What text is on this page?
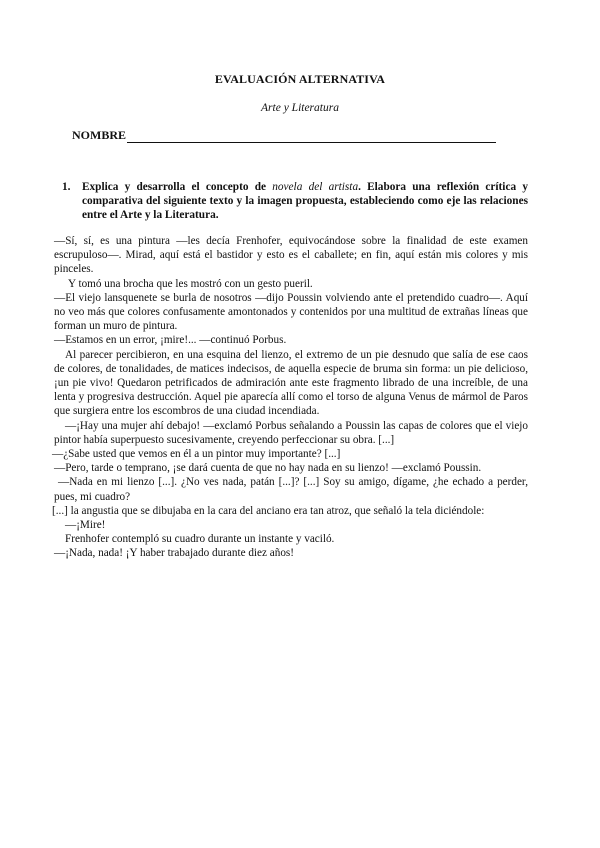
EVALUACIÓN ALTERNATIVA
Arte y Literatura
NOMBRE
1. Explica y desarrolla el concepto de novela del artista. Elabora una reflexión crítica y comparativa del siguiente texto y la imagen propuesta, estableciendo como eje las relaciones entre el Arte y la Literatura.

—Sí, sí, es una pintura —les decía Frenhofer, equivocándose sobre la finalidad de este examen escrupuloso—. Mirad, aquí está el bastidor y esto es el caballete; en fin, aquí están mis colores y mis pinceles.

Y tomó una brocha que les mostró con un gesto pueril.

—El viejo lansquenete se burla de nosotros —dijo Poussin volviendo ante el pretendido cuadro—. Aquí no veo más que colores confusamente amontonados y contenidos por una multitud de extrañas líneas que forman un muro de pintura.

—Estamos en un error, ¡mire!... —continuó Porbus.

Al parecer percibieron, en una esquina del lienzo, el extremo de un pie desnudo que salía de ese caos de colores, de tonalidades, de matices indecisos, de aquella especie de bruma sin forma: un pie delicioso, ¡un pie vivo! Quedaron petrificados de admiración ante este fragmento librado de una increíble, de una lenta y progresiva destrucción. Aquel pie aparecía allí como el torso de alguna Venus de mármol de Paros que surgiera entre los escombros de una ciudad incendiada.

—¡Hay una mujer ahí debajo! —exclamó Porbus señalando a Poussin las capas de colores que el viejo pintor había superpuesto sucesivamente, creyendo perfeccionar su obra. [...]

—¿Sabe usted que vemos en él a un pintor muy importante? [...]

—Pero, tarde o temprano, ¡se dará cuenta de que no hay nada en su lienzo! —exclamó Poussin.

—Nada en mi lienzo [...]. ¿No ves nada, patán [...]? [...] Soy su amigo, dígame, ¿he echado a perder, pues, mi cuadro?

[...] la angustia que se dibujaba en la cara del anciano era tan atroz, que señaló la tela diciéndole:

—¡Mire!

Frenhofer contempló su cuadro durante un instante y vaciló.

—¡Nada, nada! ¡Y haber trabajado durante diez años!
